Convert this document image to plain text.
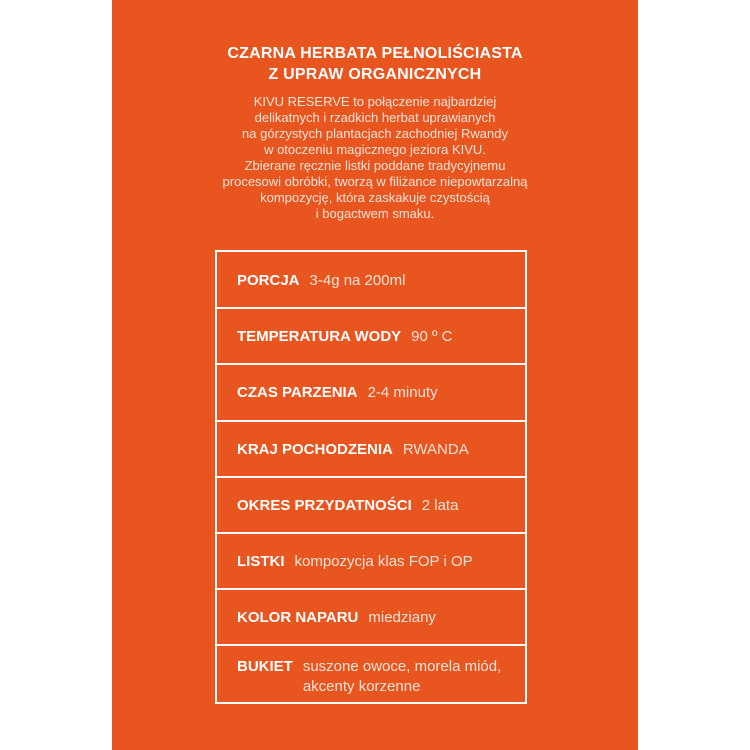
CZARNA HERBATA PEŁNOLIŚCIASTA
Z UPRAW ORGANICZNYCH
KIVU RESERVE to połączenie najbardziej
delikatnych i rzadkich herbat uprawianych
na górzystych plantacjach zachodniej Rwandy
w otoczeniu magicznego jeziora KIVU.
Zbierane ręcznie listki poddane tradycyjnemu
procesowi obróbki, tworzą w filiżance niepowtarzalną
kompozycję, która zaskakuje czystością
i bogactwem smaku.
PORCJA 3-4g na 200ml
TEMPERATURA WODY 90 º C
CZAS PARZENIA 2-4 minuty
KRAJ POCHODZENIA RWANDA
OKRES PRZYDATNOŚCI 2 lata
LISTKI kompozycja klas FOP i OP
KOLOR NAPARU miedziany
BUKIET suszone owoce, morela miód, akcenty korzenne
